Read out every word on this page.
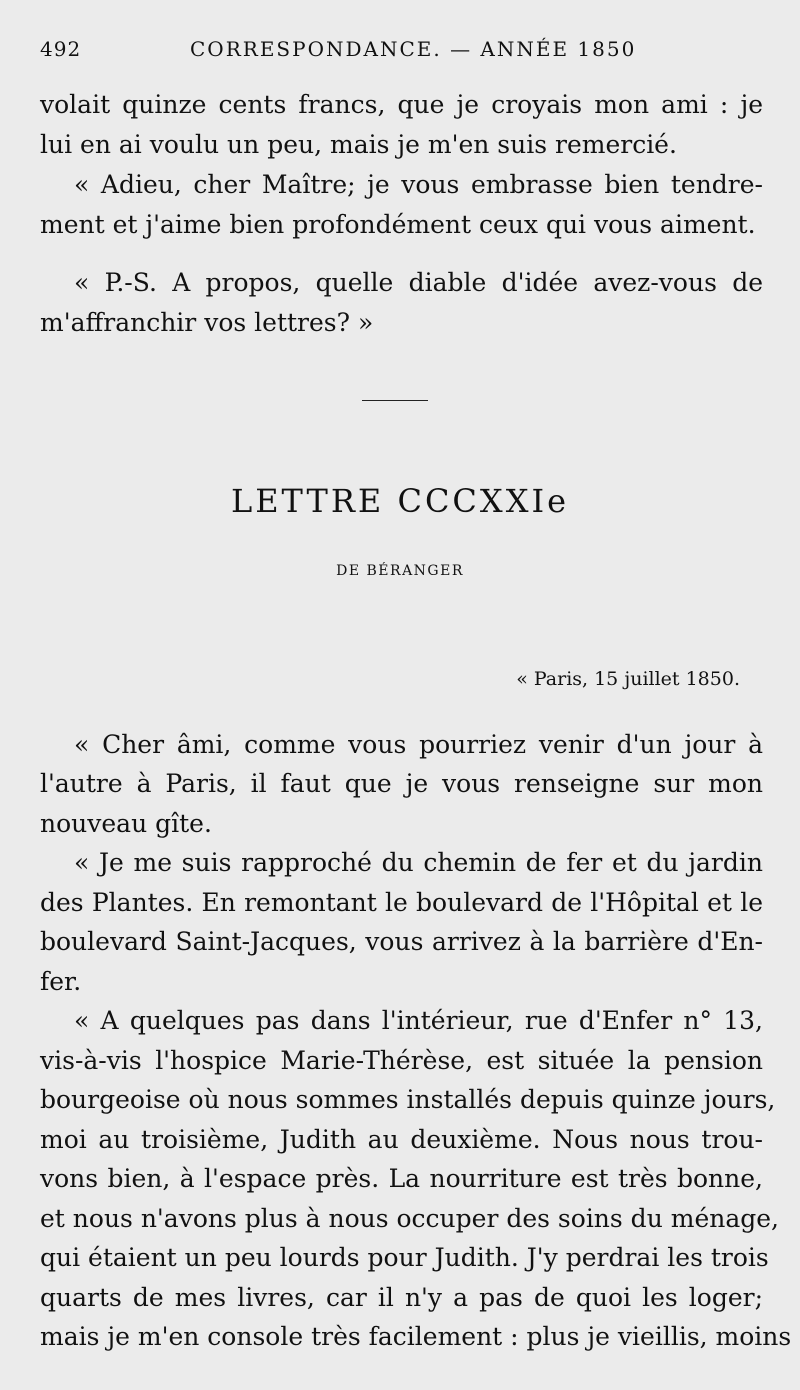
492	CORRESPONDANCE. — ANNÉE 1850

volait quinze cents francs, que je croyais mon ami : je

lui en ai voulu un peu, mais je m'en suis remercié.

« Adieu, cher Maître; je vous embrasse bien tendre-

ment et j'aime bien profondément ceux qui vous aiment.

« P.-S. A propos, quelle diable d'idée avez-vous de

m'affranchir vos lettres? »

LETTRE CCCXXIe
DE BÉRANGER
« Paris, 15 juillet 1850.

« Cher âmi, comme vous pourriez venir d'un jour à

l'autre à Paris, il faut que je vous renseigne sur mon

nouveau gîte.

« Je me suis rapproché du chemin de fer et du jardin

des Plantes. En remontant le boulevard de l'Hôpital et le

boulevard Saint-Jacques, vous arrivez à la barrière d'En-

fer.

« A quelques pas dans l'intérieur, rue d'Enfer n° 13,

vis-à-vis l'hospice Marie-Thérèse, est située la pension

bourgeoise où nous sommes installés depuis quinze jours,

moi au troisième, Judith au deuxième. Nous nous trou-

vons bien, à l'espace près. La nourriture est très bonne,

et nous n'avons plus à nous occuper des soins du ménage,

qui étaient un peu lourds pour Judith. J'y perdrai les trois

quarts de mes livres, car il n'y a pas de quoi les loger;

mais je m'en console très facilement : plus je vieillis, moins
